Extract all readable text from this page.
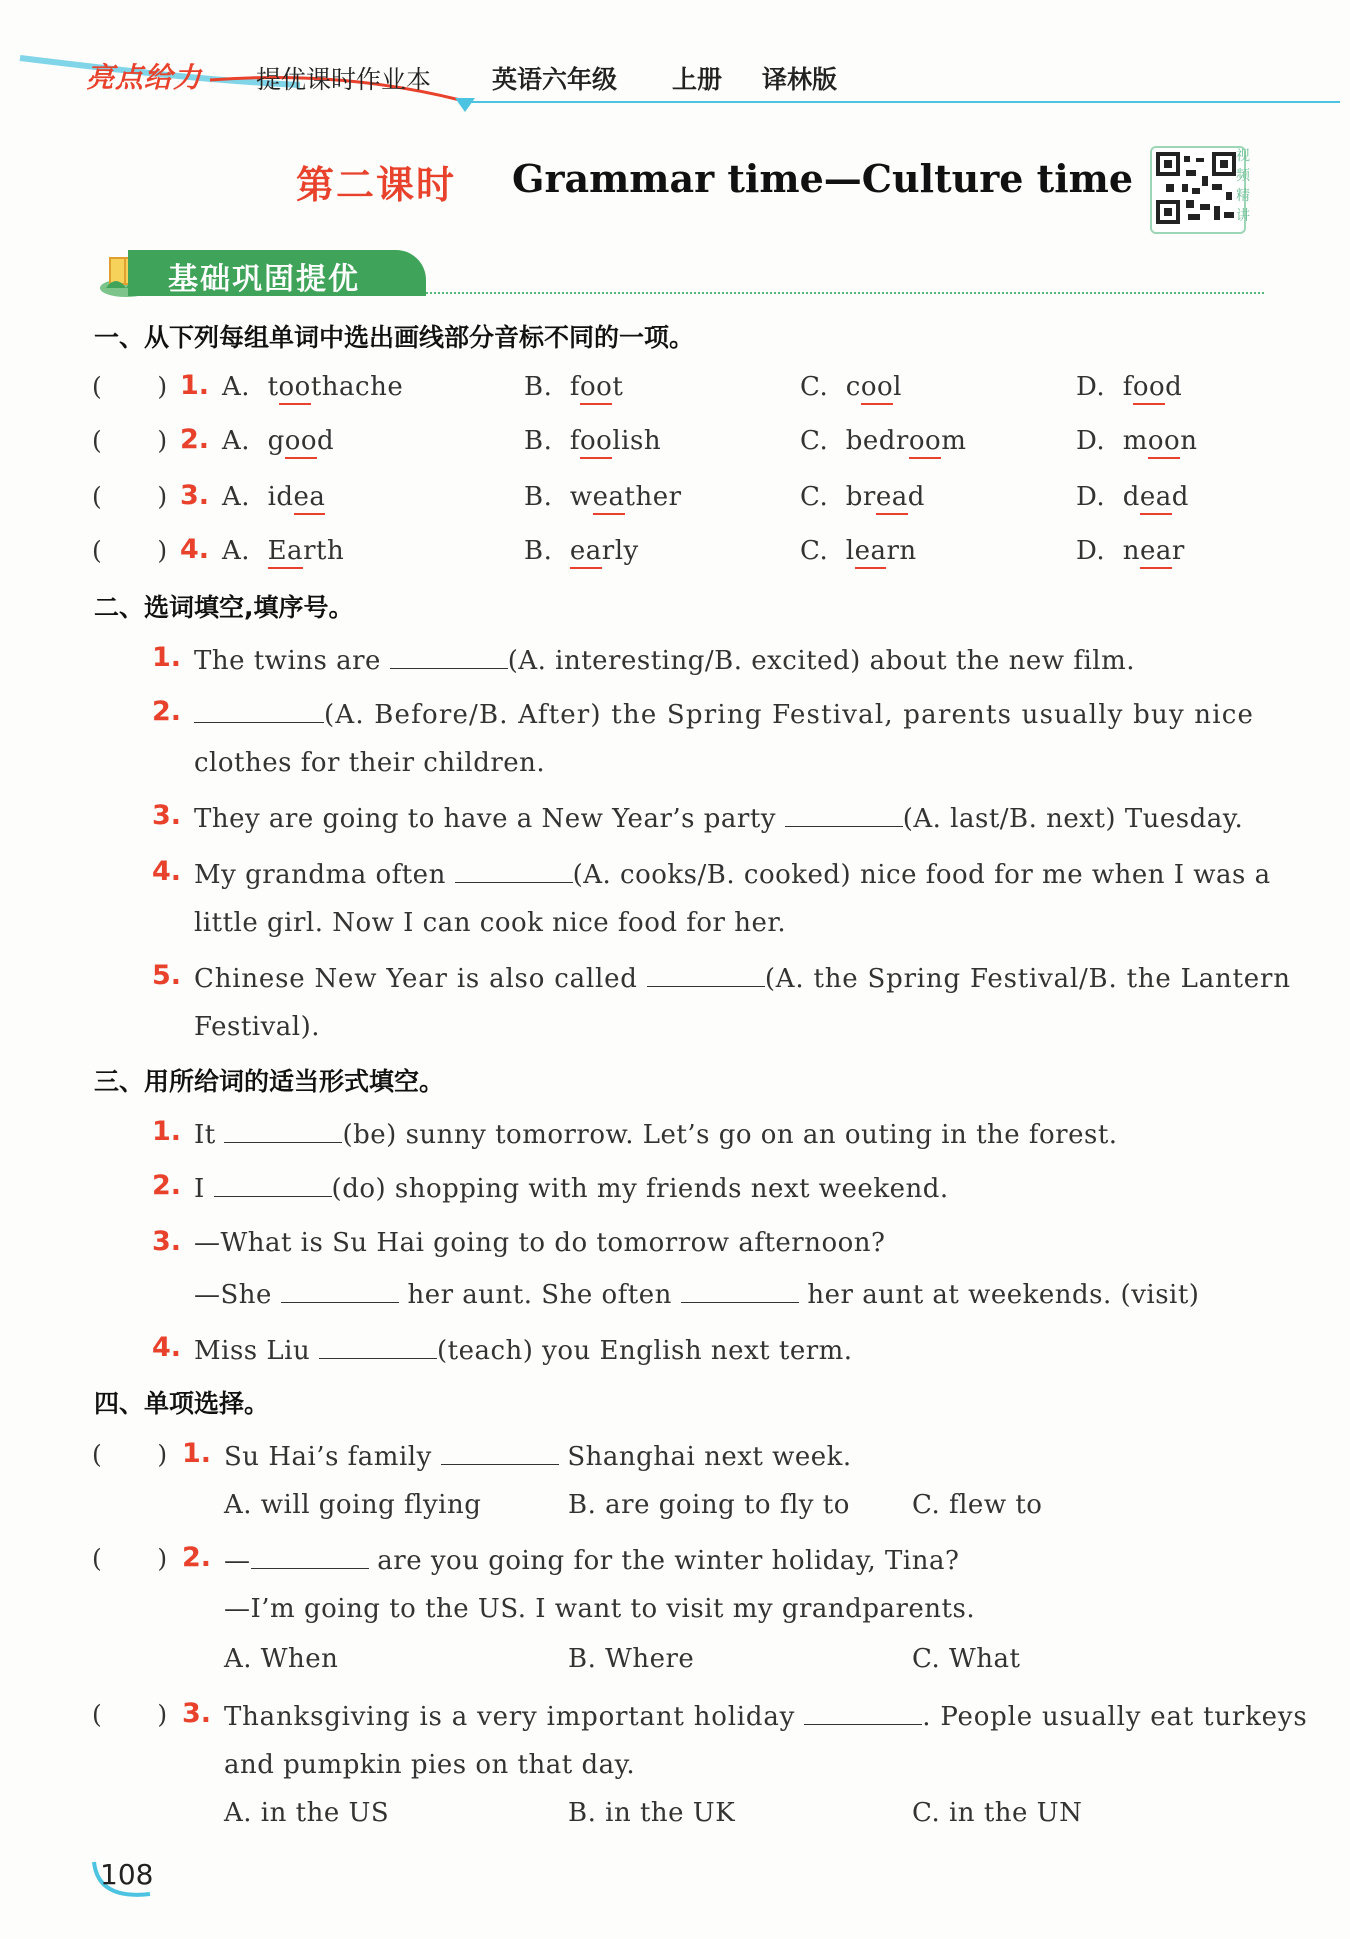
亮点给力 提优课时作业本 英语六年级 上册 译林版
第二课时 Grammar time—Culture time	视
频
精
讲
基础巩固提优
一、从下列每组单词中选出画线部分音标不同的一项。
(       ) 1. A.  toothache	B.  foot	C.  cool	D.  food
(       ) 2. A.  good	B.  foolish	C.  bedroom	D.  moon
(       ) 3. A.  idea	B.  weather	C.  bread	D.  dead
(       ) 4. A.  Earth	B.  early	C.  learn	D.  near
二、选词填空,填序号。
1. The twins are	(A. interesting/B. excited) about the new film.
2.	(A. Before/B. After) the Spring Festival, parents usually buy nice
clothes for their children.
3. They are going to have a New Year’s party	(A. last/B. next) Tuesday.
4. My grandma often	(A. cooks/B. cooked) nice food for me when I was a
little girl. Now I can cook nice food for her.
5. Chinese New Year is also called	(A. the Spring Festival/B. the Lantern
Festival).
三、用所给词的适当形式填空。
1. It	(be) sunny tomorrow. Let’s go on an outing in the forest.
2. I	(do) shopping with my friends next weekend.
3. —What is Su Hai going to do tomorrow afternoon?
—She	her aunt. She often	her aunt at weekends. (visit)
4. Miss Liu	(teach) you English next term.
四、单项选择。
(       ) 1. Su Hai’s family	Shanghai next week.
A. will going flying	B. are going to fly to C. flew to
(       ) 2. —	are you going for the winter holiday, Tina?
—I’m going to the US. I want to visit my grandparents.
A. When	B. Where	C. What
(       ) 3. Thanksgiving is a very important holiday	. People usually eat turkeys
and pumpkin pies on that day.
A. in the US	B. in the UK	C. in the UN
108
